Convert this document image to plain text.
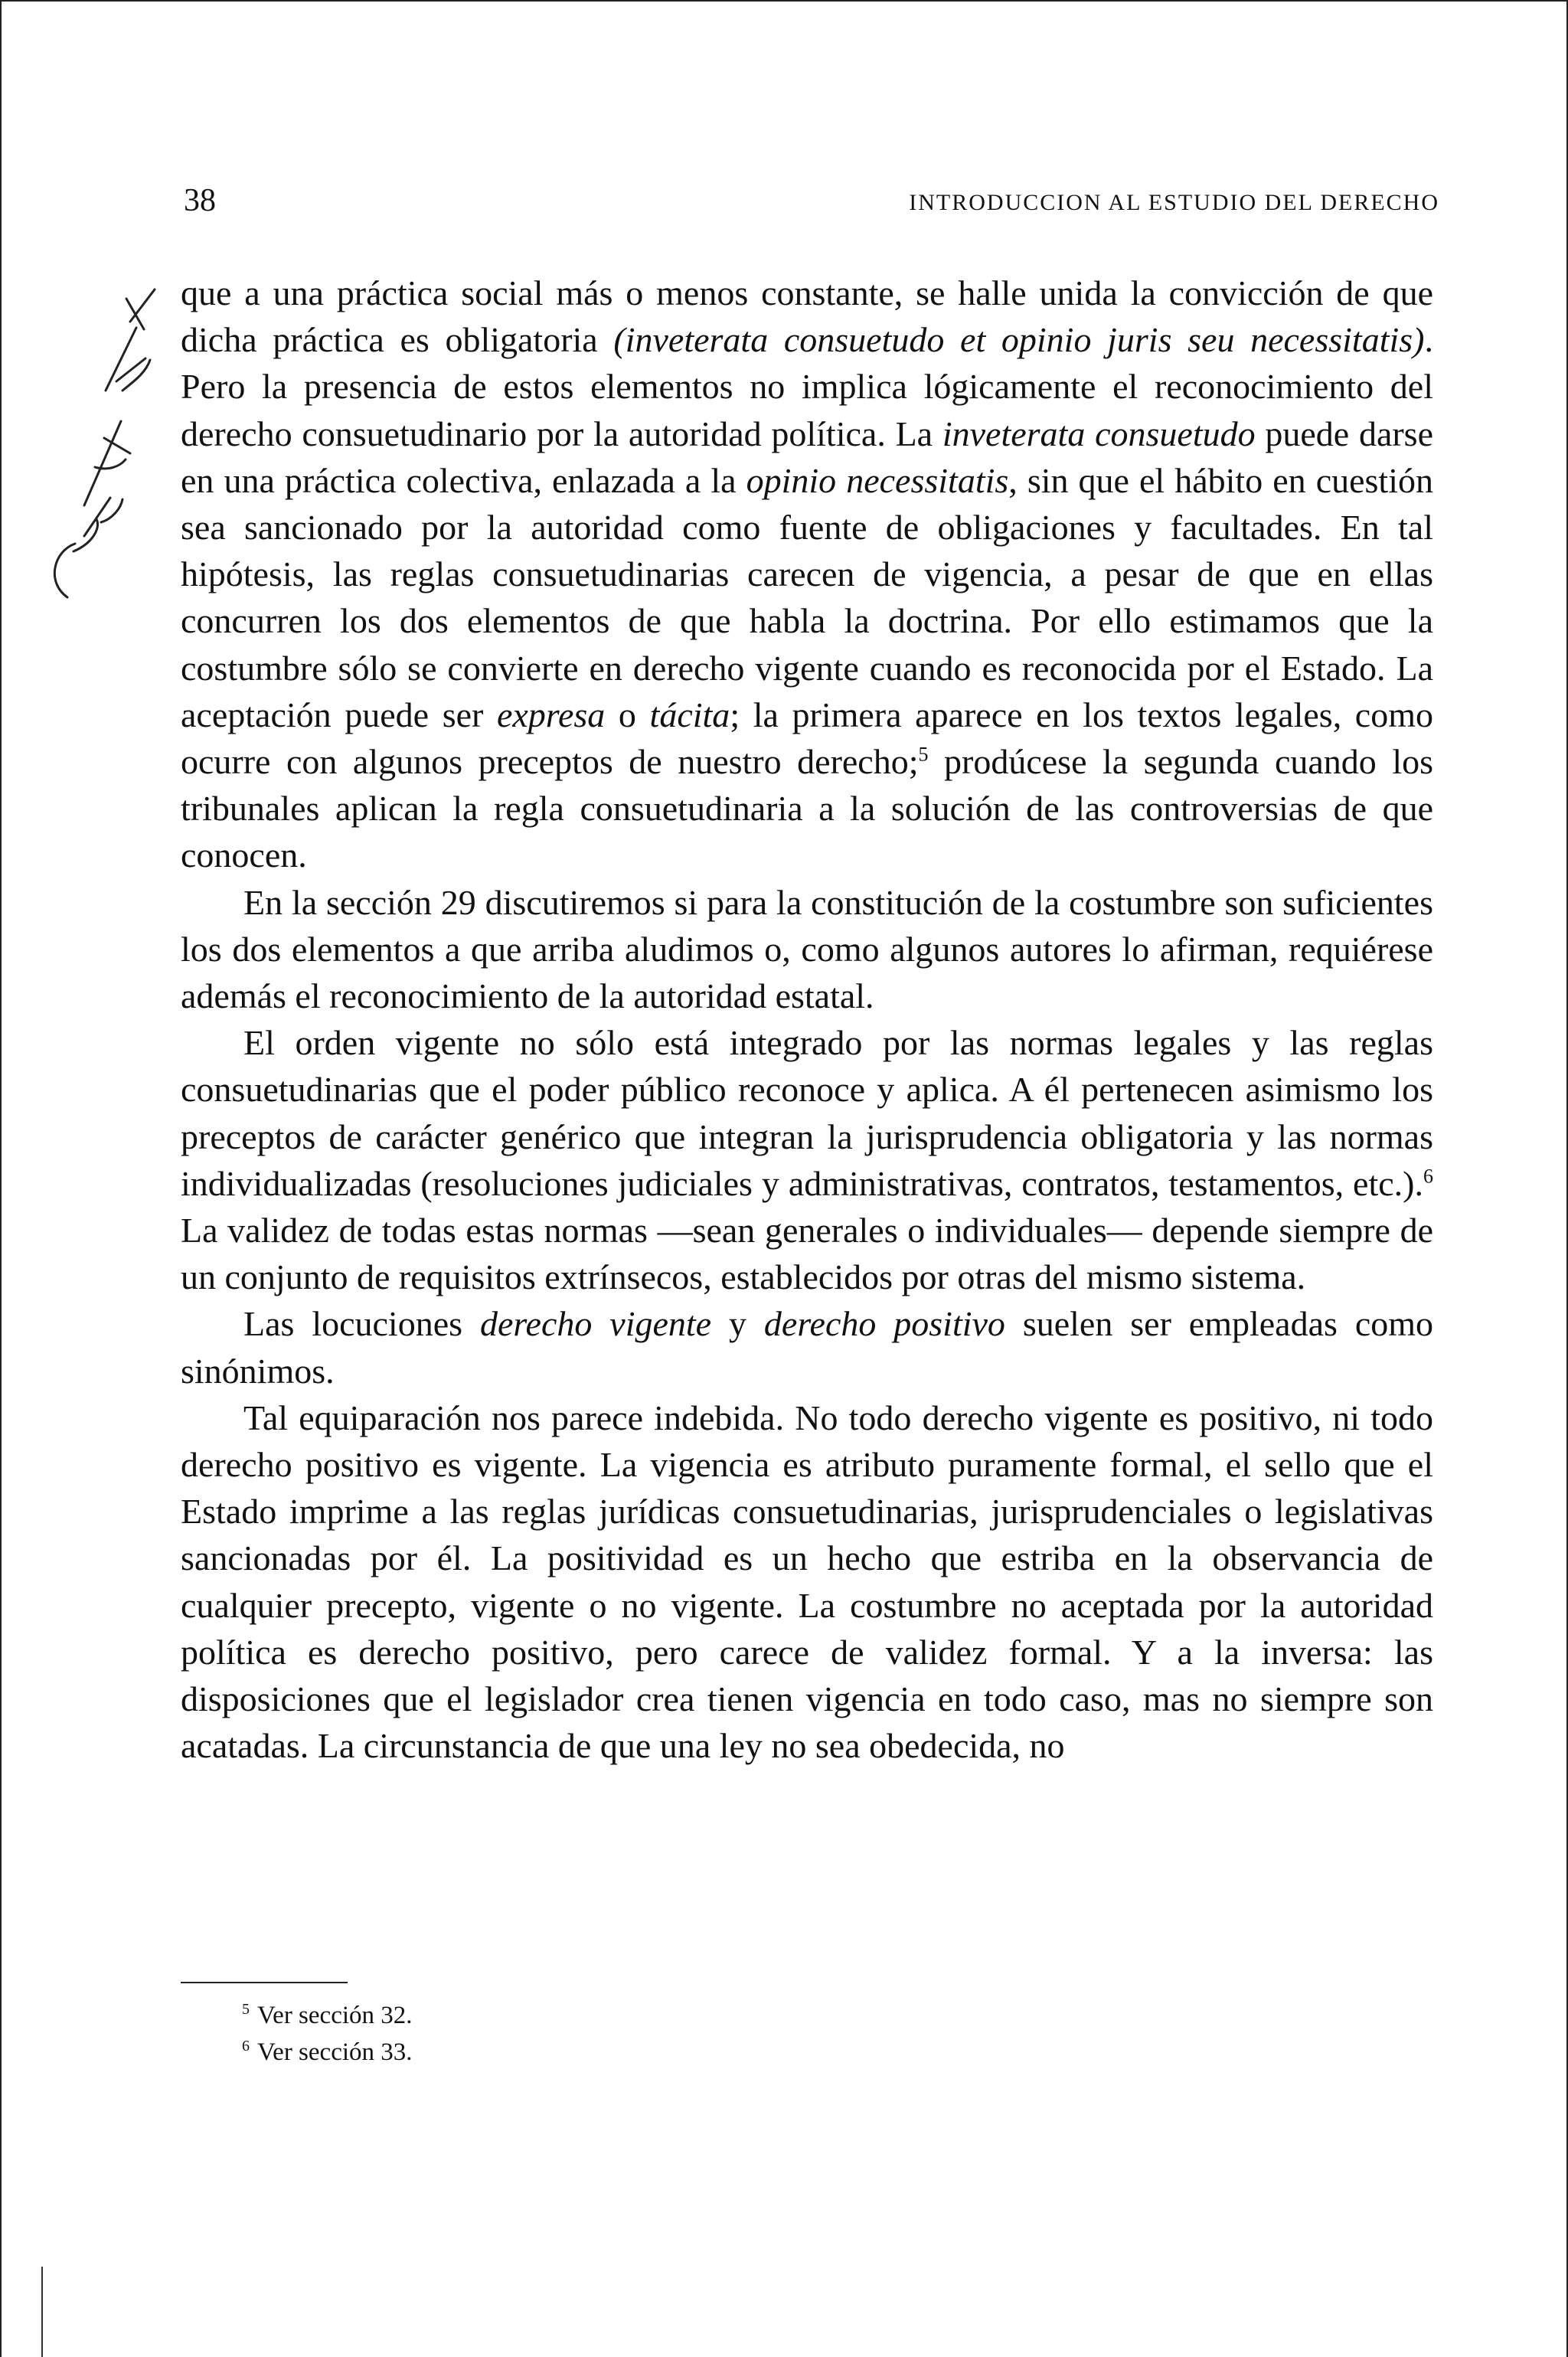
38	INTRODUCCION AL ESTUDIO DEL DERECHO

que a una práctica social más o menos constante, se halle unida la convicción de que dicha práctica es obligatoria (inveterata consuetudo et opinio juris seu necessitatis). Pero la presencia de estos elementos no implica lógicamente el reconocimiento del derecho consuetudinario por la autoridad política. La inveterata consuetudo puede darse en una práctica colectiva, enlazada a la opinio necessitatis, sin que el hábito en cuestión sea sancionado por la autoridad como fuente de obligaciones y facultades. En tal hipótesis, las reglas consuetudinarias carecen de vigencia, a pesar de que en ellas concurren los dos elementos de que habla la doctrina. Por ello estimamos que la costumbre sólo se convierte en derecho vigente cuando es reconocida por el Estado. La aceptación puede ser expresa o tácita; la primera aparece en los textos legales, como ocurre con algunos preceptos de nuestro derecho;$^5$ prodúcese la segunda cuando los tribunales aplican la regla consuetudinaria a la solución de las controversias de que conocen.

En la sección 29 discutiremos si para la constitución de la costumbre son suficientes los dos elementos a que arriba aludimos o, como algunos autores lo afirman, requiérese además el reconocimiento de la autoridad estatal.

El orden vigente no sólo está integrado por las normas legales y las reglas consuetudinarias que el poder público reconoce y aplica. A él pertenecen asimismo los preceptos de carácter genérico que integran la jurisprudencia obligatoria y las normas individualizadas (resoluciones judiciales y administrativas, contratos, testamentos, etc.).$^6$ La validez de todas estas normas —sean generales o individuales— depende siempre de un conjunto de requisitos extrínsecos, establecidos por otras del mismo sistema.

Las locuciones derecho vigente y derecho positivo suelen ser empleadas como sinónimos.

Tal equiparación nos parece indebida. No todo derecho vigente es positivo, ni todo derecho positivo es vigente. La vigencia es atributo puramente formal, el sello que el Estado imprime a las reglas jurídicas consuetudinarias, jurisprudenciales o legislativas sancionadas por él. La positividad es un hecho que estriba en la observancia de cualquier precepto, vigente o no vigente. La costumbre no aceptada por la autoridad política es derecho positivo, pero carece de validez formal. Y a la inversa: las disposiciones que el legislador crea tienen vigencia en todo caso, mas no siempre son acatadas. La circunstancia de que una ley no sea obedecida, no

$^5$ Ver sección 32.
$^6$ Ver sección 33.
